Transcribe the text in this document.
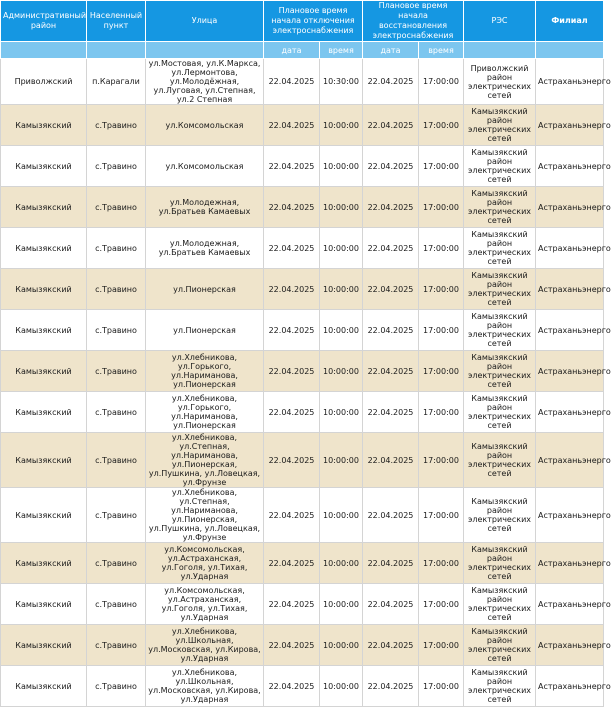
Административный район	Населенный пункт	Улица	Плановое время начала отключения электроснабжения		Плановое время начала восстановления электроснабжения		РЭС	Филиал
			дата	время	дата	время		
Приволжский	п.Карагали	ул.Мостовая, ул.К.Маркса, ул.Лермонтова, ул.Молодёжная, ул.Луговая, ул.Степная, ул.2 Степная	22.04.2025	10:30:00	22.04.2025	17:00:00	Приволжский район электрических сетей	Астраханьэнерго
Камызякский	с.Травино	ул.Комсомольская	22.04.2025	10:00:00	22.04.2025	17:00:00	Камызякский район электрических сетей	Астраханьэнерго
Камызякский	с.Травино	ул.Комсомольская	22.04.2025	10:00:00	22.04.2025	17:00:00	Камызякский район электрических сетей	Астраханьэнерго
Камызякский	с.Травино	ул.Молодежная, ул.Братьев Камаевых	22.04.2025	10:00:00	22.04.2025	17:00:00	Камызякский район электрических сетей	Астраханьэнерго
Камызякский	с.Травино	ул.Молодежная, ул.Братьев Камаевых	22.04.2025	10:00:00	22.04.2025	17:00:00	Камызякский район электрических сетей	Астраханьэнерго
Камызякский	с.Травино	ул.Пионерская	22.04.2025	10:00:00	22.04.2025	17:00:00	Камызякский район электрических сетей	Астраханьэнерго
Камызякский	с.Травино	ул.Пионерская	22.04.2025	10:00:00	22.04.2025	17:00:00	Камызякский район электрических сетей	Астраханьэнерго
Камызякский	с.Травино	ул.Хлебникова, ул.Горького, ул.Нариманова, ул.Пионерская	22.04.2025	10:00:00	22.04.2025	17:00:00	Камызякский район электрических сетей	Астраханьэнерго
Камызякский	с.Травино	ул.Хлебникова, ул.Горького, ул.Нариманова, ул.Пионерская	22.04.2025	10:00:00	22.04.2025	17:00:00	Камызякский район электрических сетей	Астраханьэнерго
Камызякский	с.Травино	ул.Хлебникова, ул.Степная, ул.Нариманова, ул.Пионерская, ул.Пушкина, ул.Ловецкая, ул.Фрунзе	22.04.2025	10:00:00	22.04.2025	17:00:00	Камызякский район электрических сетей	Астраханьэнерго
Камызякский	с.Травино	ул.Хлебникова, ул.Степная, ул.Нариманова, ул.Пионерская, ул.Пушкина, ул.Ловецкая, ул.Фрунзе	22.04.2025	10:00:00	22.04.2025	17:00:00	Камызякский район электрических сетей	Астраханьэнерго
Камызякский	с.Травино	ул.Комсомольская, ул.Астраханская, ул.Гоголя, ул.Тихая, ул.Ударная	22.04.2025	10:00:00	22.04.2025	17:00:00	Камызякский район электрических сетей	Астраханьэнерго
Камызякский	с.Травино	ул.Комсомольская, ул.Астраханская, ул.Гоголя, ул.Тихая, ул.Ударная	22.04.2025	10:00:00	22.04.2025	17:00:00	Камызякский район электрических сетей	Астраханьэнерго
Камызякский	с.Травино	ул.Хлебникова, ул.Школьная, ул.Московская, ул.Кирова, ул.Ударная	22.04.2025	10:00:00	22.04.2025	17:00:00	Камызякский район электрических сетей	Астраханьэнерго
Камызякский	с.Травино	ул.Хлебникова, ул.Школьная, ул.Московская, ул.Кирова, ул.Ударная	22.04.2025	10:00:00	22.04.2025	17:00:00	Камызякский район электрических сетей	Астраханьэнерго
